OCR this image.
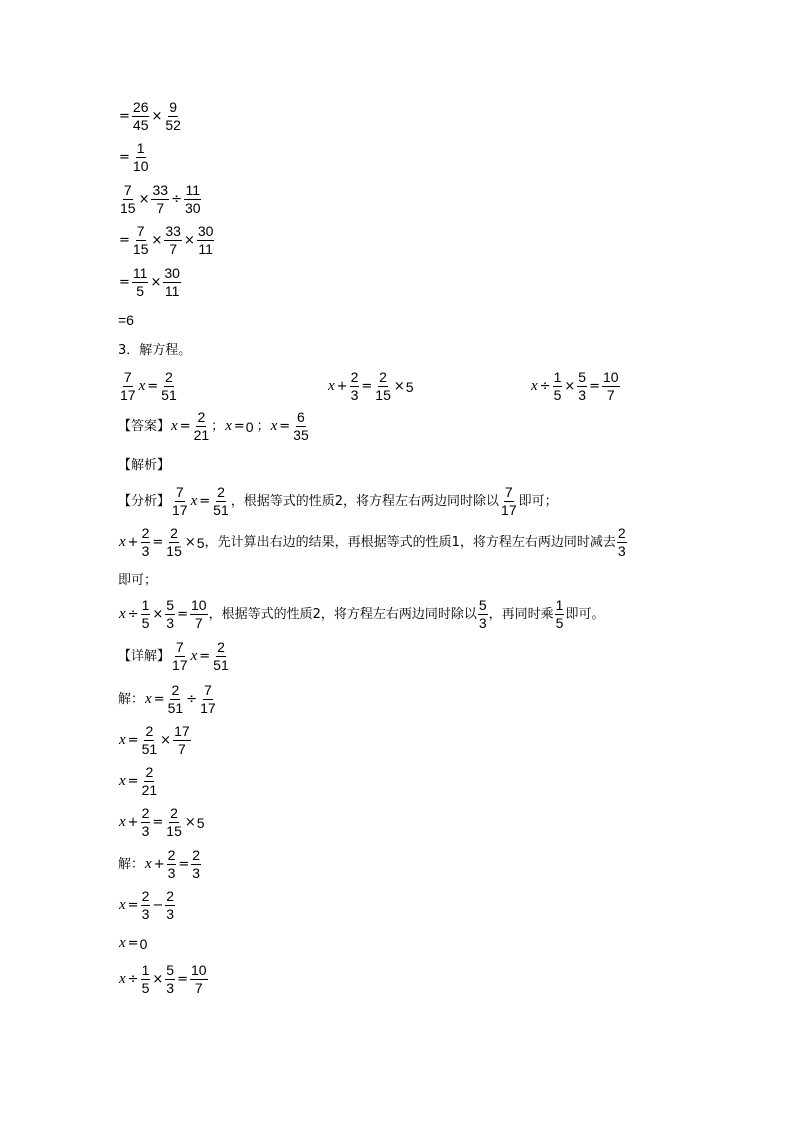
= $\frac{26}{45} \times \frac{9}{52}$
= $\frac{1}{10}$
$\frac{7}{15} \times \frac{33}{7} \div \frac{11}{30}$
= $\frac{7}{15} \times \frac{33}{7} \times \frac{30}{11}$
= $\frac{11}{5} \times \frac{30}{11}$
=6
3．解方程。
$\frac{7}{17}$ $x = \frac{2}{51}$	$x + \frac{2}{3} = \frac{2}{15} \times 5$	$x \div \frac{1}{5} \times \frac{5}{3} = \frac{10}{7}$
【答案】 $x = \frac{2}{21}$ ； x = 0 ； $x = \frac{6}{35}$
【解析】
【分析】 $\frac{7}{17}$ $x = \frac{2}{51}$ ，根据等式的性质2，将方程左右两边同时除以 $\frac{7}{17}$ 即可；
$x + \frac{2}{3} = \frac{2}{15} \times 5$ ，先计算出右边的结果，再根据等式的性质1，将方程左右两边同时减去 $\frac{2}{3}$
即可；
$x \div \frac{1}{5} \times \frac{5}{3} = \frac{10}{7}$ ，根据等式的性质2，将方程左右两边同时除以 $\frac{5}{3}$ ，再同时乘 $\frac{1}{5}$ 即可。
【详解】 $\frac{7}{17}$ $x = \frac{2}{51}$
解： $x = \frac{2}{51} \div \frac{7}{17}$
$x = \frac{2}{51} \times \frac{17}{7}$
$x = \frac{2}{21}$
$x + \frac{2}{3} = \frac{2}{15} \times 5$
解： $x + \frac{2}{3} = \frac{2}{3}$
$x = \frac{2}{3} - \frac{2}{3}$
x = 0
$x \div \frac{1}{5} \times \frac{5}{3} = \frac{10}{7}$
